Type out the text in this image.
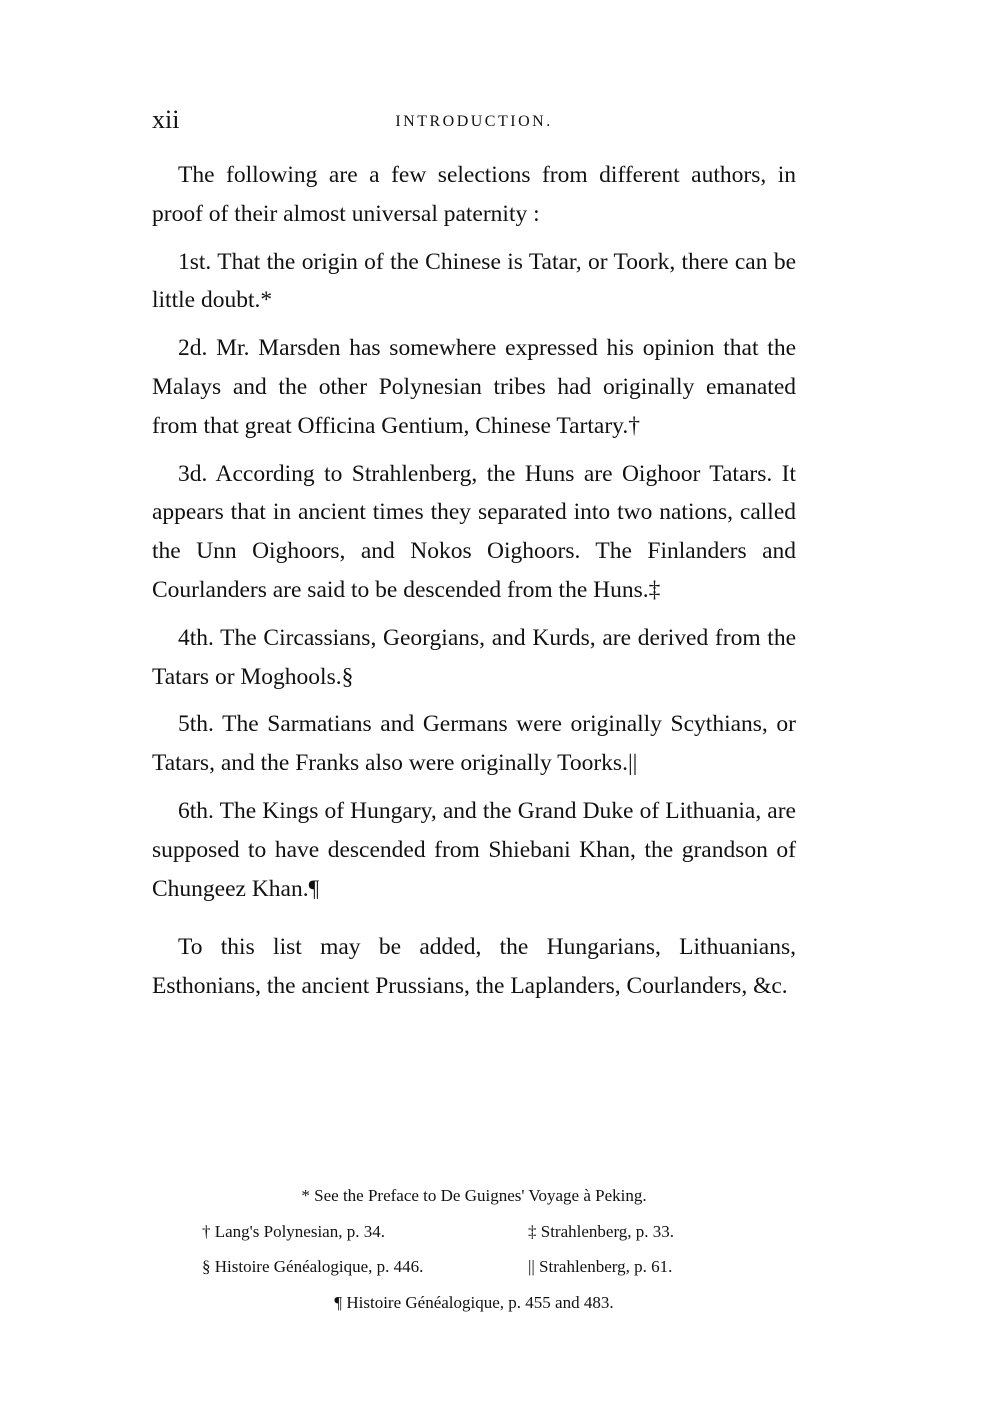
xii	INTRODUCTION.

The following are a few selections from different authors, in proof of their almost universal paternity :

1st. That the origin of the Chinese is Tatar, or Toork, there can be little doubt.*

2d. Mr. Marsden has somewhere expressed his opinion that the Malays and the other Polynesian tribes had originally emanated from that great Officina Gentium, Chinese Tartary.†

3d. According to Strahlenberg, the Huns are Oighoor Tatars. It appears that in ancient times they separated into two nations, called the Unn Oighoors, and Nokos Oighoors. The Finlanders and Courlanders are said to be descended from the Huns.‡

4th. The Circassians, Georgians, and Kurds, are derived from the Tatars or Moghools.§

5th. The Sarmatians and Germans were originally Scythians, or Tatars, and the Franks also were originally Toorks.||

6th. The Kings of Hungary, and the Grand Duke of Lithuania, are supposed to have descended from Shiebani Khan, the grandson of Chungeez Khan.¶

To this list may be added, the Hungarians, Lithuanians, Esthonians, the ancient Prussians, the Laplanders, Courlanders, &c.

* See the Preface to De Guignes' Voyage à Peking.
† Lang's Polynesian, p. 34.	‡ Strahlenberg, p. 33.
§ Histoire Généalogique, p. 446.	|| Strahlenberg, p. 61.
¶ Histoire Généalogique, p. 455 and 483.
